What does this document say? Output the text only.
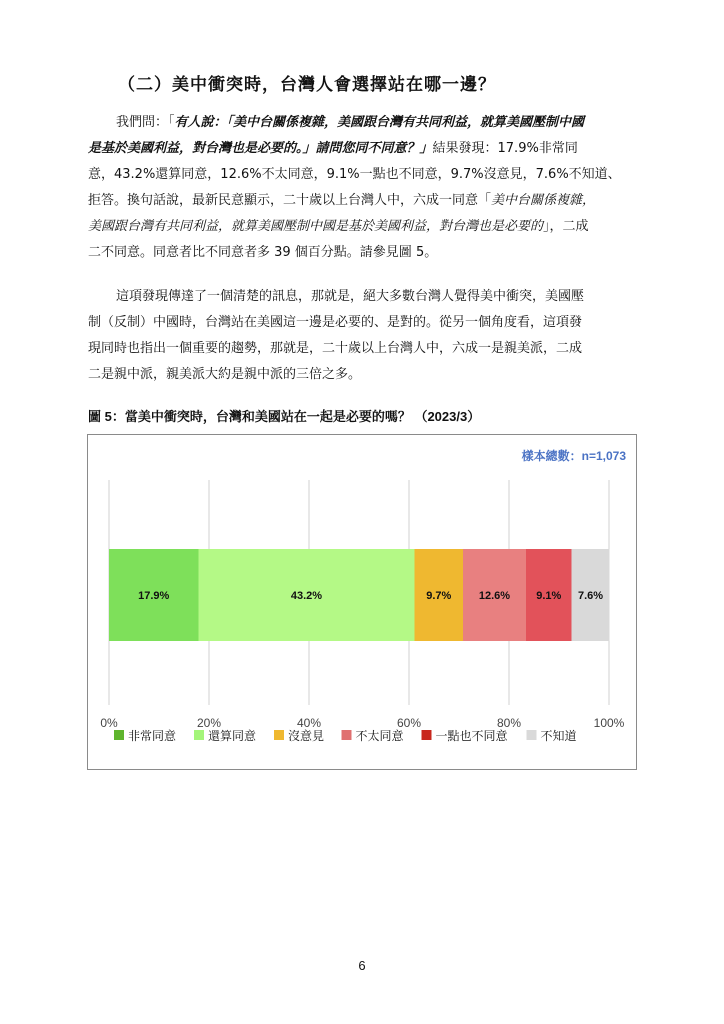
（二）美中衝突時，台灣人會選擇站在哪一邊？
我們問：「有人說：「美中台關係複雜，美國跟台灣有共同利益，就算美國壓制中國
是基於美國利益，對台灣也是必要的。」請問您同不同意？」結果發現：17.9%非常同
意，43.2%還算同意，12.6%不太同意，9.1%一點也不同意，9.7%沒意見，7.6%不知道、
拒答。換句話說，最新民意顯示，二十歲以上台灣人中，六成一同意「美中台關係複雜，
美國跟台灣有共同利益，就算美國壓制中國是基於美國利益，對台灣也是必要的」，二成
二不同意。同意者比不同意者多 39 個百分點。請參見圖 5。
這項發現傳達了一個清楚的訊息，那就是，絕大多數台灣人覺得美中衝突，美國壓
制（反制）中國時，台灣站在美國這一邊是必要的、是對的。從另一個角度看，這項發
現同時也指出一個重要的趨勢，那就是，二十歲以上台灣人中，六成一是親美派，二成
二是親中派，親美派大約是親中派的三倍之多。
圖 5：當美中衝突時，台灣和美國站在一起是必要的嗎？ （2023/3）
樣本總數：n=1,073
0%	20%	40%	60%	80%	100%
17.9%	43.2%	9.7%	12.6% 9.1% 7.6%
非常同意	還算同意	沒意見	不太同意	一點也不同意	不知道
6
